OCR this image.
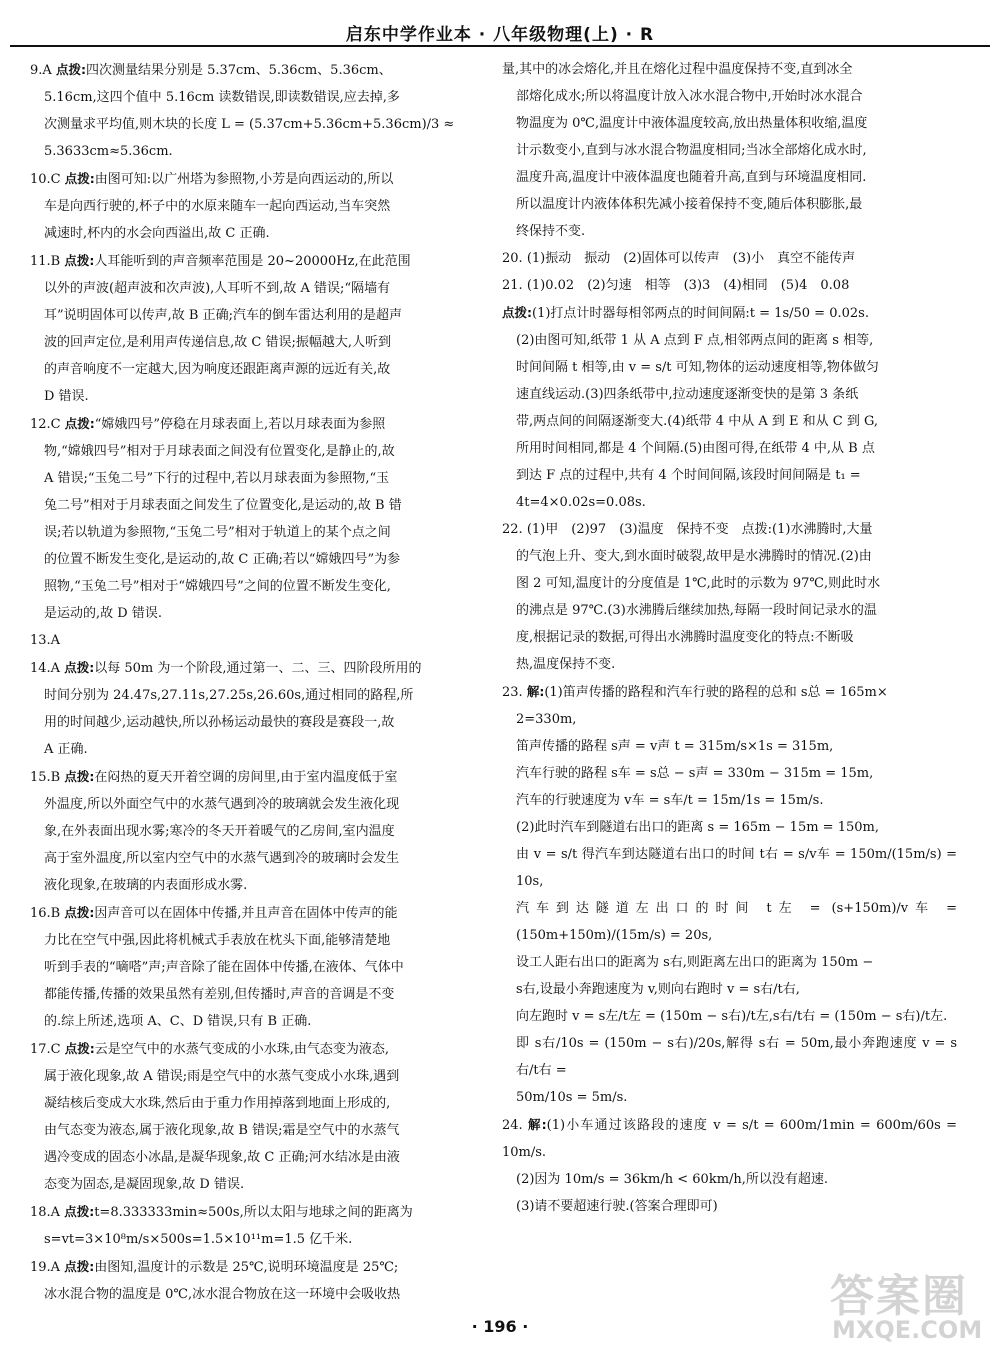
启东中学作业本 · 八年级物理(上) · R
9.A 点拨:四次测量结果分别是 5.37cm、5.36cm、5.36cm、
5.16cm,这四个值中 5.16cm 读数错误,即读数错误,应去掉,多
次测量求平均值,则木块的长度 L = (5.37cm+5.36cm+5.36cm)/3 ≈
5.3633cm≈5.36cm.
10.C 点拨:由图可知:以广州塔为参照物,小芳是向西运动的,所以
车是向西行驶的,杯子中的水原来随车一起向西运动,当车突然
减速时,杯内的水会向西溢出,故 C 正确.
11.B 点拨:人耳能听到的声音频率范围是 20~20000Hz,在此范围
以外的声波(超声波和次声波),人耳听不到,故 A 错误;“隔墙有
耳”说明固体可以传声,故 B 正确;汽车的倒车雷达利用的是超声
波的回声定位,是利用声传递信息,故 C 错误;振幅越大,人听到
的声音响度不一定越大,因为响度还跟距离声源的远近有关,故
D 错误.
12.C 点拨:“嫦娥四号”停稳在月球表面上,若以月球表面为参照
物,“嫦娥四号”相对于月球表面之间没有位置变化,是静止的,故
A 错误;“玉兔二号”下行的过程中,若以月球表面为参照物,“玉
兔二号”相对于月球表面之间发生了位置变化,是运动的,故 B 错
误;若以轨道为参照物,“玉兔二号”相对于轨道上的某个点之间
的位置不断发生变化,是运动的,故 C 正确;若以“嫦娥四号”为参
照物,“玉兔二号”相对于“嫦娥四号”之间的位置不断发生变化,
是运动的,故 D 错误.
13.A
14.A 点拨:以每 50m 为一个阶段,通过第一、二、三、四阶段所用的
时间分别为 24.47s,27.11s,27.25s,26.60s,通过相同的路程,所
用的时间越少,运动越快,所以孙杨运动最快的赛段是赛段一,故
A 正确.
15.B 点拨:在闷热的夏天开着空调的房间里,由于室内温度低于室
外温度,所以外面空气中的水蒸气遇到冷的玻璃就会发生液化现
象,在外表面出现水雾;寒冷的冬天开着暖气的乙房间,室内温度
高于室外温度,所以室内空气中的水蒸气遇到冷的玻璃时会发生
液化现象,在玻璃的内表面形成水雾.
16.B 点拨:因声音可以在固体中传播,并且声音在固体中传声的能
力比在空气中强,因此将机械式手表放在枕头下面,能够清楚地
听到手表的“嘀嗒”声;声音除了能在固体中传播,在液体、气体中
都能传播,传播的效果虽然有差别,但传播时,声音的音调是不变
的.综上所述,选项 A、C、D 错误,只有 B 正确.
17.C 点拨:云是空气中的水蒸气变成的小水珠,由气态变为液态,
属于液化现象,故 A 错误;雨是空气中的水蒸气变成小水珠,遇到
凝结核后变成大水珠,然后由于重力作用掉落到地面上形成的,
由气态变为液态,属于液化现象,故 B 错误;霜是空气中的水蒸气
遇冷变成的固态小冰晶,是凝华现象,故 C 正确;河水结冰是由液
态变为固态,是凝固现象,故 D 错误.
18.A 点拨:t=8.333333min≈500s,所以太阳与地球之间的距离为
s=vt=3×10⁸m/s×500s=1.5×10¹¹m=1.5 亿千米.
19.A 点拨:由图知,温度计的示数是 25℃,说明环境温度是 25℃;
冰水混合物的温度是 0℃,冰水混合物放在这一环境中会吸收热
量,其中的冰会熔化,并且在熔化过程中温度保持不变,直到冰全
部熔化成水;所以将温度计放入冰水混合物中,开始时冰水混合
物温度为 0℃,温度计中液体温度较高,放出热量体积收缩,温度
计示数变小,直到与冰水混合物温度相同;当冰全部熔化成水时,
温度升高,温度计中液体温度也随着升高,直到与环境温度相同.
所以温度计内液体体积先减小接着保持不变,随后体积膨胀,最
终保持不变.
20. (1)振动　振动　(2)固体可以传声　(3)小　真空不能传声
21. (1)0.02　(2)匀速　相等　(3)3　(4)相同　(5)4　0.08
点拨:(1)打点计时器每相邻两点的时间间隔:t = 1s/50 = 0.02s.
(2)由图可知,纸带 1 从 A 点到 F 点,相邻两点间的距离 s 相等,
时间间隔 t 相等,由 v = s/t 可知,物体的运动速度相等,物体做匀
速直线运动.(3)四条纸带中,拉动速度逐渐变快的是第 3 条纸
带,两点间的间隔逐渐变大.(4)纸带 4 中从 A 到 E 和从 C 到 G,
所用时间相同,都是 4 个间隔.(5)由图可得,在纸带 4 中,从 B 点
到达 F 点的过程中,共有 4 个时间间隔,该段时间间隔是 t₁ =
4t=4×0.02s=0.08s.
22. (1)甲　(2)97　(3)温度　保持不变　点拨:(1)水沸腾时,大量
的气泡上升、变大,到水面时破裂,故甲是水沸腾时的情况.(2)由
图 2 可知,温度计的分度值是 1℃,此时的示数为 97℃,则此时水
的沸点是 97℃.(3)水沸腾后继续加热,每隔一段时间记录水的温
度,根据记录的数据,可得出水沸腾时温度变化的特点:不断吸
热,温度保持不变.
23. 解:(1)笛声传播的路程和汽车行驶的路程的总和 s总 = 165m×
2=330m,
笛声传播的路程 s声 = v声 t = 315m/s×1s = 315m,
汽车行驶的路程 s车 = s总 − s声 = 330m − 315m = 15m,
汽车的行驶速度为 v车 = s车/t = 15m/1s = 15m/s.
(2)此时汽车到隧道右出口的距离 s = 165m − 15m = 150m,
由 v = s/t 得汽车到达隧道右出口的时间 t右 = s/v车 = 150m/(15m/s) = 10s,
汽车到达隧道左出口的时间 t左 = (s+150m)/v车 = (150m+150m)/(15m/s) = 20s,
设工人距右出口的距离为 s右,则距离左出口的距离为 150m −
s右,设最小奔跑速度为 v,则向右跑时 v = s右/t右,
向左跑时 v = s左/t左 = (150m − s右)/t左,s右/t右 = (150m − s右)/t左.
即 s右/10s = (150m − s右)/20s,解得 s右 = 50m,最小奔跑速度 v = s右/t右 =
50m/10s = 5m/s.
24. 解:(1)小车通过该路段的速度 v = s/t = 600m/1min = 600m/60s = 10m/s.
(2)因为 10m/s = 36km/h < 60km/h,所以没有超速.
(3)请不要超速行驶.(答案合理即可)
· 196 ·
答案圈
MXQE.COM
